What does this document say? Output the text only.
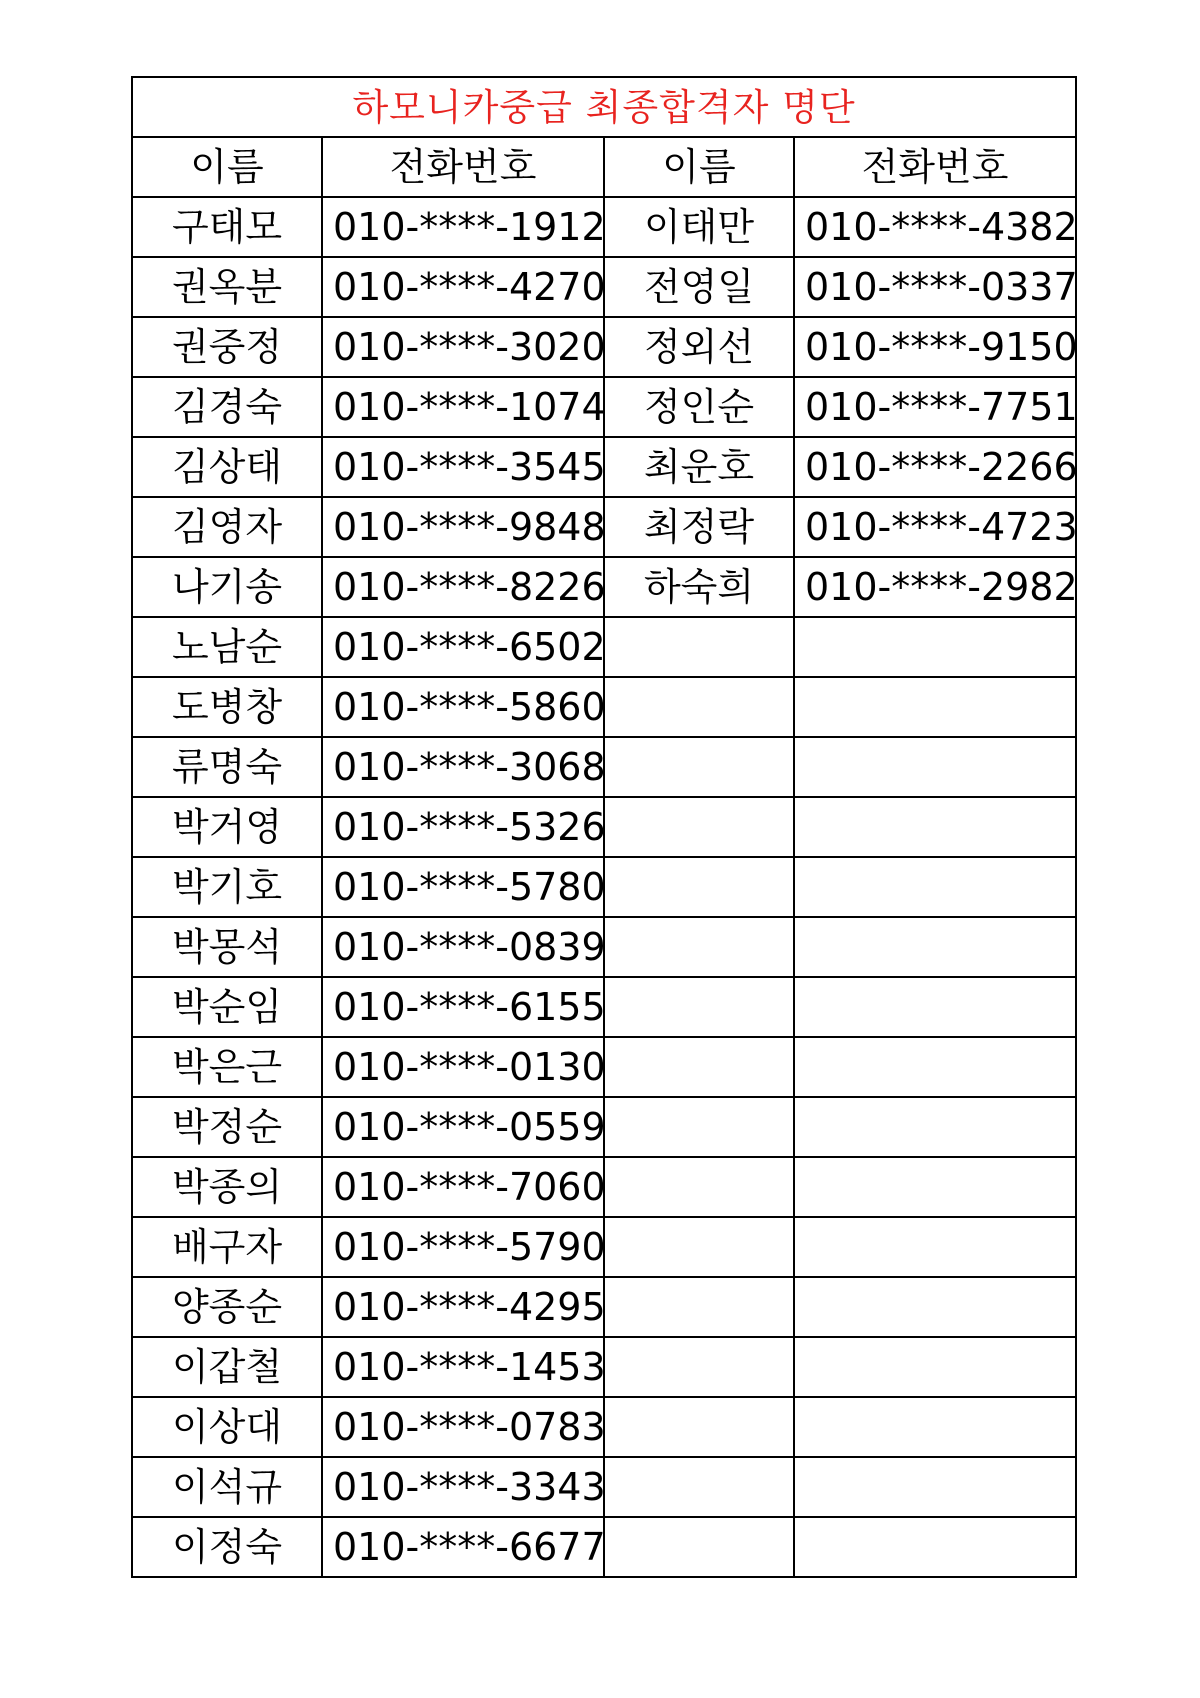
하모니카중급 최종합격자 명단			
이름	전화번호	이름	전화번호
구태모	010-****-1912	이태만	010-****-4382
권옥분	010-****-4270	전영일	010-****-0337
권중정	010-****-3020	정외선	010-****-9150
김경숙	010-****-1074	정인순	010-****-7751
김상태	010-****-3545	최운호	010-****-2266
김영자	010-****-9848	최정락	010-****-4723
나기송	010-****-8226	하숙희	010-****-2982
노남순	010-****-6502		
도병창	010-****-5860		
류명숙	010-****-3068		
박거영	010-****-5326		
박기호	010-****-5780		
박몽석	010-****-0839		
박순임	010-****-6155		
박은근	010-****-0130		
박정순	010-****-0559		
박종의	010-****-7060		
배구자	010-****-5790		
양종순	010-****-4295		
이갑철	010-****-1453		
이상대	010-****-0783		
이석규	010-****-3343		
이정숙	010-****-6677		
